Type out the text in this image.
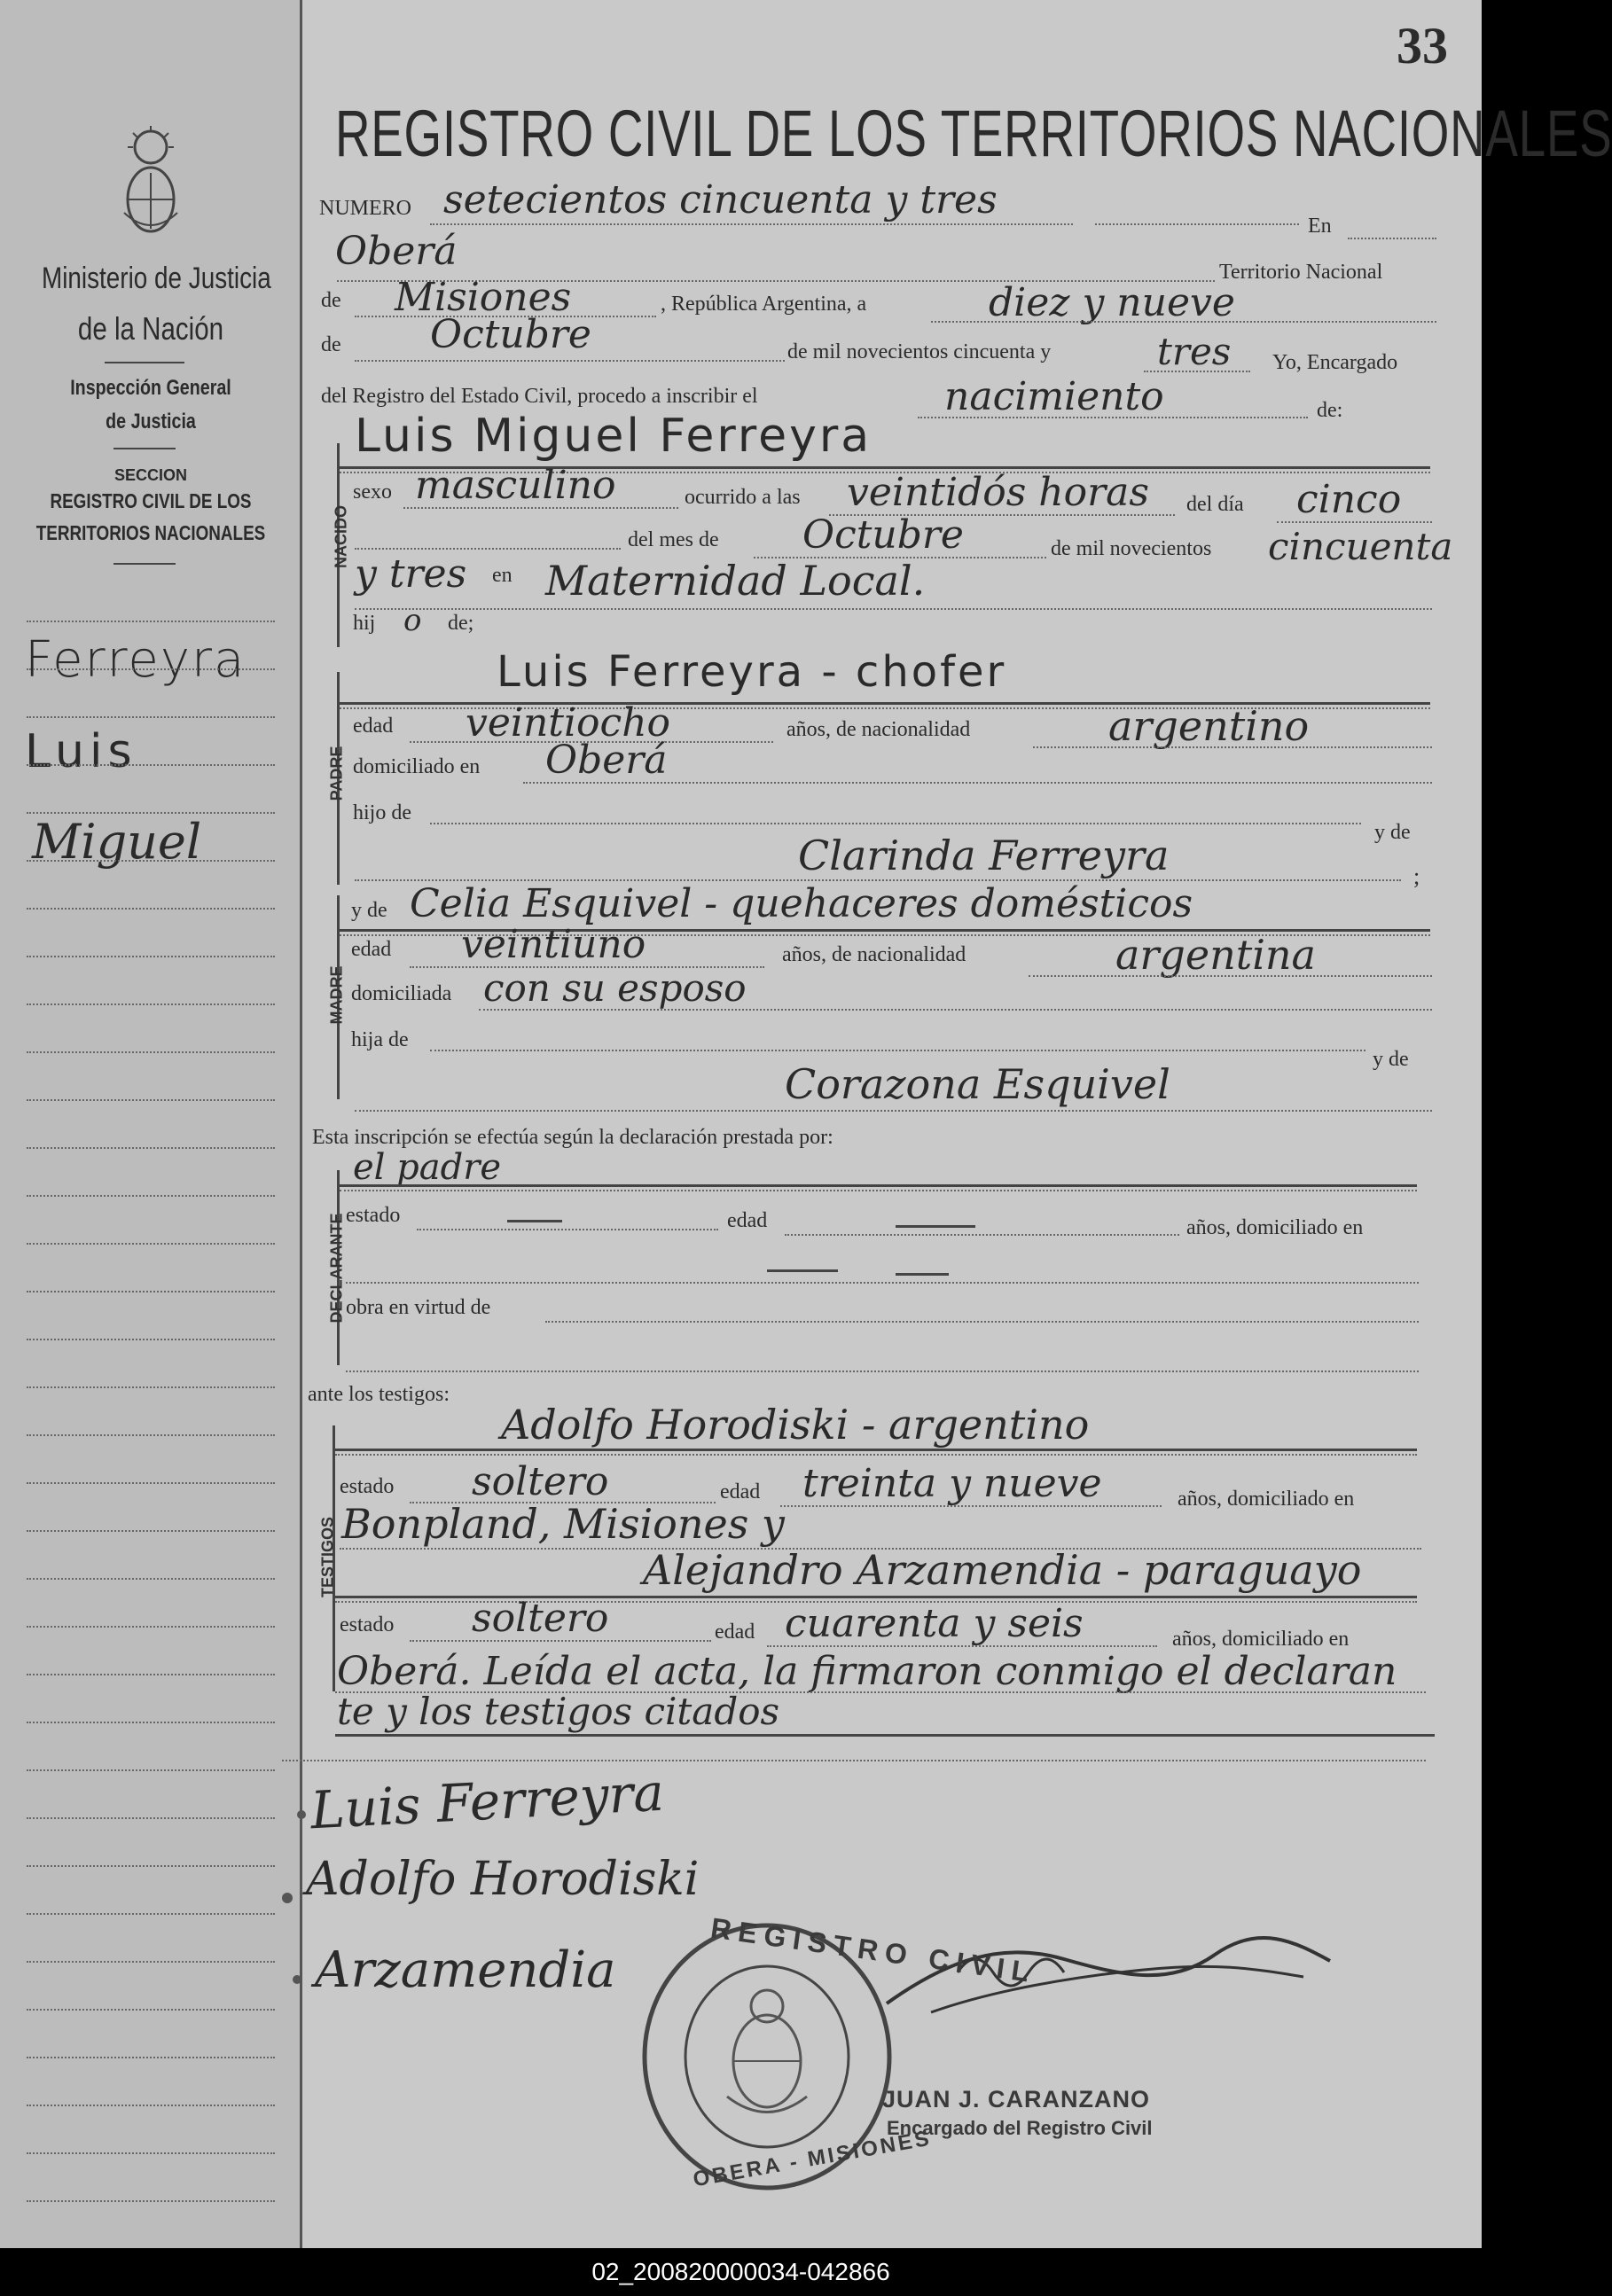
Ministerio de Justicia
de la Nación
Inspección General
de Justicia
SECCION
REGISTRO CIVIL DE LOS
TERRITORIOS NACIONALES
Ferreyra
Luis
Miguel
33
REGISTRO CIVIL DE LOS TERRITORIOS NACIONALES
NUMERO setecientos cincuenta y tres
En
Oberá	Territorio Nacional
de Misiones	, República Argentina, a	diez y nueve
de Octubre	de mil novecientos cincuenta y	tres Yo, Encargado
del Registro del Estado Civil, procedo a inscribir el	nacimiento	de:
NACIDO
Luis Miguel Ferreyra
sexo masculino	ocurrido a las veintidós horas del día cinco
del mes de Octubre	de mil novecientos cincuenta
y tres en Maternidad Local.
hij o de;
PADRE
Luis Ferreyra - chofer
edad veintiocho	años, de nacionalidad	argentino
domiciliado en Oberá
hijo de
y de
Clarinda Ferreyra	;
MADRE
y de Celia Esquivel - quehaceres domésticos
edad veintiuno	años, de nacionalidad	argentina
domiciliada con su esposo
hija de
y de
Corazona Esquivel
Esta inscripción se efectúa según la declaración prestada por:
DECLARANTE
el padre
estado	edad	años, domiciliado en
obra en virtud de
ante los testigos:
TESTIGOS
Adolfo Horodiski - argentino
estado soltero	edad treinta y nueve	años, domiciliado en
Bonpland, Misiones y
Alejandro Arzamendia - paraguayo
estado soltero	edad cuarenta y seis	años, domiciliado en
Oberá. Leída el acta, la firmaron conmigo el declaran
te y los testigos citados
Luis Ferreyra
Adolfo Horodiski
Arzamendia	REGISTRO CIVIL
OBERA - MISIONES
JUAN J. CARANZANO
Encargado del Registro Civil
02_200820000034-042866
